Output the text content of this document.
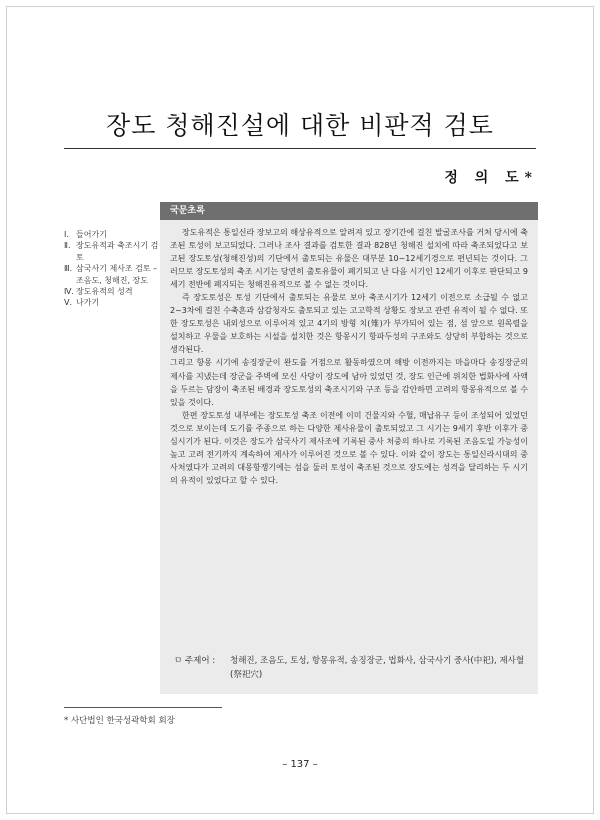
장도 청해진설에 대한 비판적 검토
정 의 도*
Ⅰ. 들어가기
Ⅱ. 장도유적과 축조시기 검토
Ⅲ. 삼국사기 제사조 검토 –조음도, 청해진, 장도
Ⅳ. 장도유적의 성격
Ⅴ. 나가기
국문초록

장도유적은 통일신라 장보고의 해상유적으로 알려져 있고 장기간에 걸친 발굴조사를 거쳐 당시에 축조된 토성이 보고되었다. 그러나 조사 결과를 검토한 결과 828년 청해진 설치에 따라 축조되었다고 보고된 장도토성(청해진성)의 기단에서 출토되는 유물은 대부분 10~12세기경으로 편년되는 것이다. 그러므로 장도토성의 축조 시기는 당연히 출토유물이 폐기되고 난 다음 시기인 12세기 이후로 판단되고 9세기 전반에 폐지되는 청해진유적으로 볼 수 없는 것이다.

즉 장도토성은 토성 기단에서 출토되는 유물로 보아 축조시기가 12세기 이전으로 소급될 수 없고 2~3차에 걸친 수축흔과 삼감청자도 출토되고 있는 고고학적 상황도 장보고 관련 유적이 될 수 없다. 또한 장도토성은 내외성으로 이루어져 있고 4기의 방형 치(雉)가 부가되어 있는 점, 섬 앞으로 원목렬을 설치하고 우물을 보호하는 시설을 설치한 것은 항몽시기 항파두성의 구조와도 상당히 부합하는 것으로 생각된다.

그리고 항몽 시기에 송징장군이 완도를 거점으로 활동하였으며 해방 이전까지는 마을마다 송징장군의 제사를 지냈는데 장군을 주벽에 모신 사당이 장도에 남아 있었던 것, 장도 인근에 위치한 법화사에 사액을 두르는 담장이 축조된 배경과 장도토성의 축조시기와 구조 등을 감안하면 고려의 항몽유적으로 볼 수 있을 것이다.

한편 장도토성 내부에는 장도토성 축조 이전에 이미 건물지와 수혈, 매납유구 등이 조성되어 있었던 것으로 보이는데 도기를 주종으로 하는 다양한 제사유물이 출토되었고 그 시기는 9세기 후반 이후가 중심시기가 된다. 이것은 장도가 삼국사기 제사조에 기록된 중사 처중의 하나로 기록된 조음도일 가능성이 높고 고려 전기까지 계속하여 제사가 이루어진 것으로 볼 수 있다. 이와 같이 장도는 통일신라시대의 중사처였다가 고려의 대몽항쟁기에는 섬을 둘러 토성이 축조된 것으로 장도에는 성격을 달리하는 두 시기의 유적이 있었다고 할 수 있다.

ㅁ 주제어 :	청해진, 조음도, 토성, 항몽유적, 송징장군, 법화사, 삼국사기 중사(中祀), 제사혈(祭祀穴)
* 사단법인 한국성곽학회 회장
– 137 –
